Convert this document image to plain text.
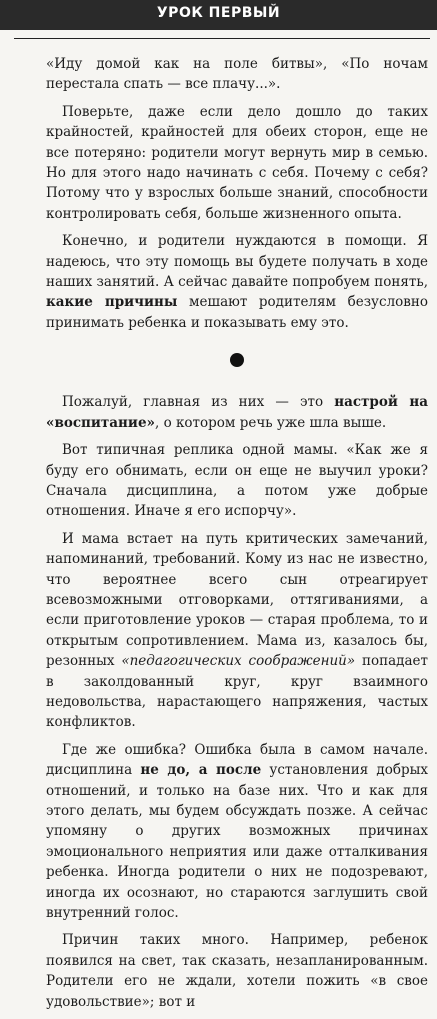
УРОК ПЕРВЫЙ

«Иду домой как на поле битвы», «По ночам перестала спать — все плачу...».

Поверьте, даже если дело дошло до таких крайностей, крайностей для обеих сторон, еще не все потеряно: родители могут вернуть мир в семью. Но для этого надо начинать с себя. Почему с себя? Потому что у взрослых больше знаний, способности контролировать себя, больше жизненного опыта.

Конечно, и родители нуждаются в помощи. Я надеюсь, что эту помощь вы будете получать в ходе наших занятий. А сейчас давайте попробуем понять, какие причины мешают родителям безусловно принимать ребенка и показывать ему это.

Пожалуй, главная из них — это настрой на «воспитание», о котором речь уже шла выше.

Вот типичная реплика одной мамы. «Как же я буду его обнимать, если он еще не выучил уроки? Сначала дисциплина, а потом уже добрые отношения. Иначе я его испорчу».

И мама встает на путь критических замечаний, напоминаний, требований. Кому из нас не известно, что вероятнее всего сын отреагирует всевозможными отговорками, оттягиваниями, а если приготовление уроков — старая проблема, то и открытым сопротивлением. Мама из, казалось бы, резонных «педагогических соображений» попадает в заколдованный круг, круг взаимного недовольства, нарастающего напряжения, частых конфликтов.

Где же ошибка? Ошибка была в самом начале. дисциплина не до, а после установления добрых отношений, и только на базе них. Что и как для этого делать, мы будем обсуждать позже. А сейчас упомяну о других возможных причинах эмоционального неприятия или даже отталкивания ребенка. Иногда родители о них не подозревают, иногда их осознают, но стараются заглушить свой внутренний голос.

Причин таких много. Например, ребенок появился на свет, так сказать, незапланированным. Родители его не ждали, хотели пожить «в свое удовольствие»; вот и
